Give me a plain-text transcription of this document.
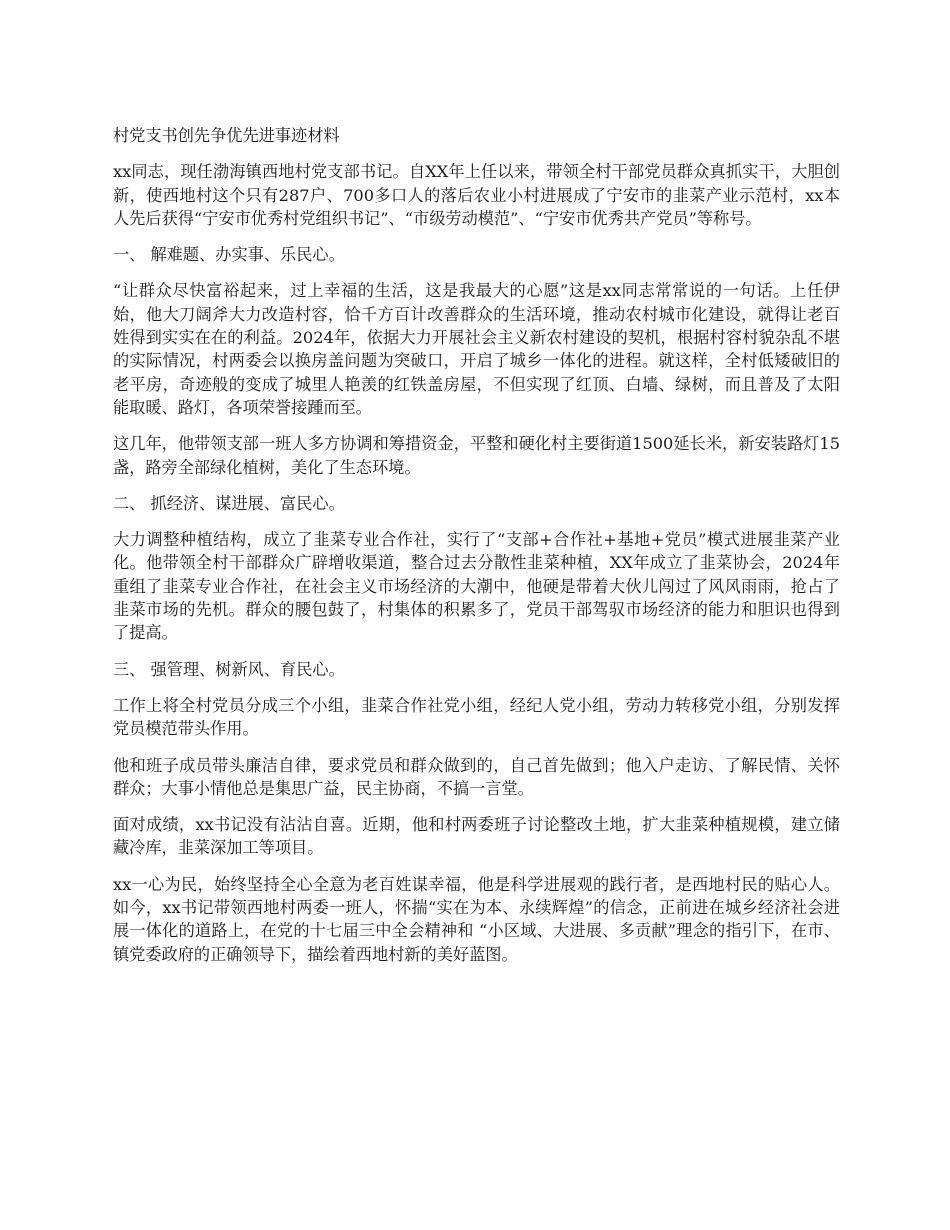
村党支书创先争优先进事迹材料
xx同志，现任渤海镇西地村党支部书记。自XX年上任以来，带领全村干部党员群众真抓实干，大胆创新，使西地村这个只有287户、700多口人的落后农业小村进展成了宁安市的韭菜产业示范村，xx本人先后获得“宁安市优秀村党组织书记”、“市级劳动模范”、“宁安市优秀共产党员”等称号。
一、 解难题、办实事、乐民心。
“让群众尽快富裕起来，过上幸福的生活，这是我最大的心愿”这是xx同志常常说的一句话。上任伊始，他大刀阔斧大力改造村容，恰千方百计改善群众的生活环境，推动农村城市化建设，就得让老百姓得到实实在在的利益。2024年，依据大力开展社会主义新农村建设的契机，根据村容村貌杂乱不堪的实际情况，村两委会以换房盖问题为突破口，开启了城乡一体化的进程。就这样，全村低矮破旧的老平房，奇迹般的变成了城里人艳羡的红铁盖房屋，不但实现了红顶、白墙、绿树，而且普及了太阳能取暖、路灯，各项荣誉接踵而至。
这几年，他带领支部一班人多方协调和筹措资金，平整和硬化村主要街道1500延长米，新安装路灯15盏，路旁全部绿化植树，美化了生态环境。
二、 抓经济、谋进展、富民心。
大力调整种植结构，成立了韭菜专业合作社，实行了“支部+合作社+基地+党员”模式进展韭菜产业化。他带领全村干部群众广辟增收渠道，整合过去分散性韭菜种植，XX年成立了韭菜协会，2024年重组了韭菜专业合作社，在社会主义市场经济的大潮中，他硬是带着大伙儿闯过了风风雨雨，抢占了韭菜市场的先机。群众的腰包鼓了，村集体的积累多了，党员干部驾驭市场经济的能力和胆识也得到了提高。
三、 强管理、树新风、育民心。
工作上将全村党员分成三个小组，韭菜合作社党小组，经纪人党小组，劳动力转移党小组，分别发挥党员模范带头作用。
他和班子成员带头廉洁自律，要求党员和群众做到的，自己首先做到；他入户走访、了解民情、关怀群众；大事小情他总是集思广益，民主协商，不搞一言堂。
面对成绩，xx书记没有沾沾自喜。近期，他和村两委班子讨论整改土地，扩大韭菜种植规模，建立储藏冷库，韭菜深加工等项目。
xx一心为民，始终坚持全心全意为老百姓谋幸福，他是科学进展观的践行者，是西地村民的贴心人。如今，xx书记带领西地村两委一班人，怀揣“实在为本、永续辉煌”的信念，正前进在城乡经济社会进展一体化的道路上，在党的十七届三中全会精神和 “小区域、大进展、多贡献”理念的指引下，在市、镇党委政府的正确领导下，描绘着西地村新的美好蓝图。
